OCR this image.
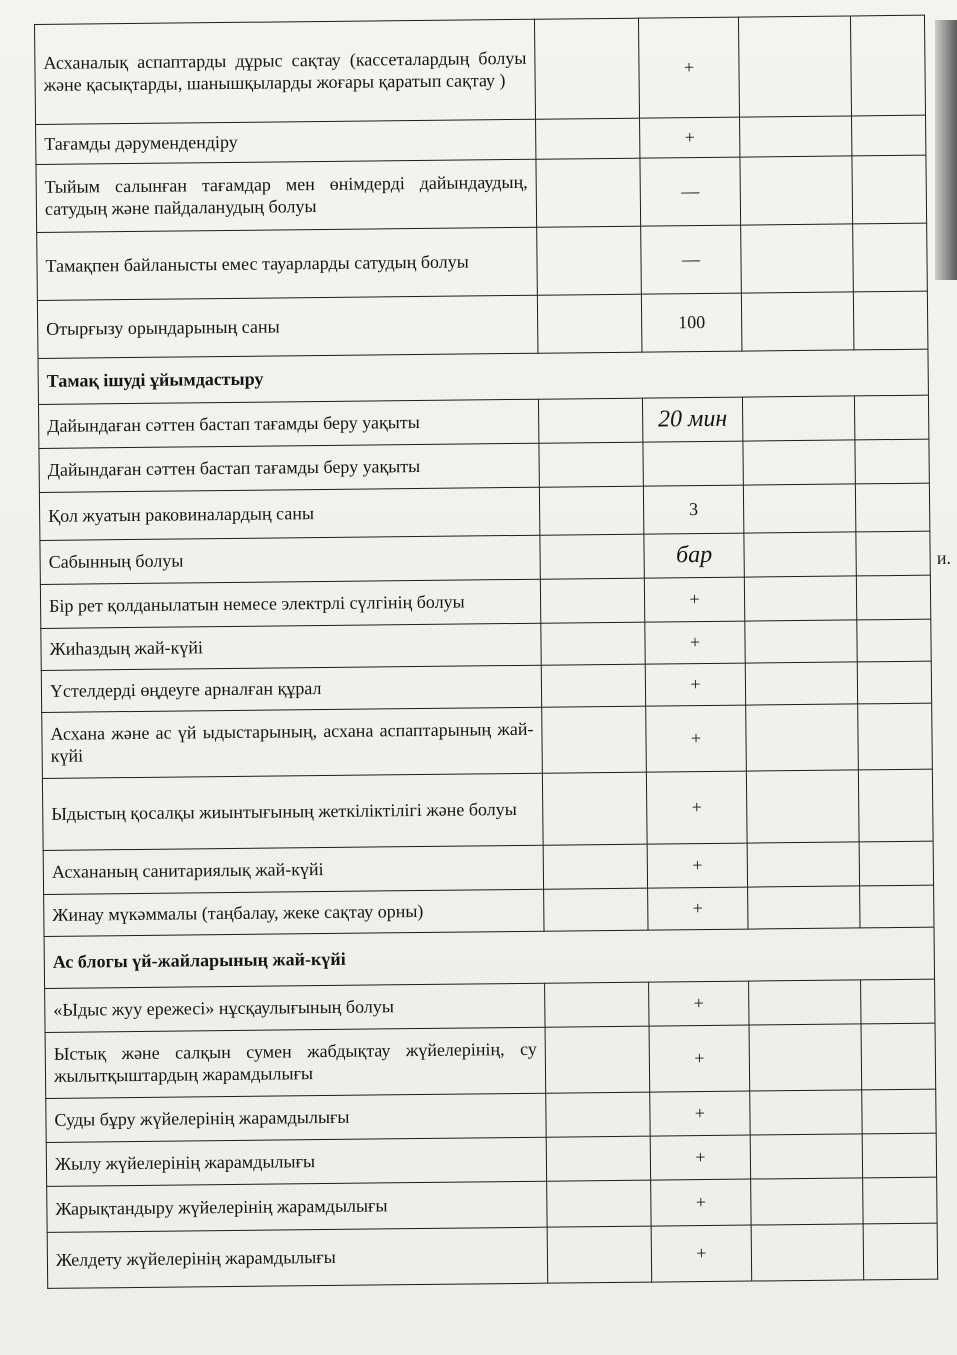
Асханалық аспаптарды дұрыс сақтау (кассеталардың болуы және қасықтарды, шанышқыларды жоғары қаратып сақтау )		+		
Тағамды дәрумендендіру		+		
Тыйым салынған тағамдар мен өнімдерді дайындаудың, сатудың және пайдаланудың болуы		—		
Тамақпен байланысты емес тауарларды сатудың болуы		—		
Отырғызу орындарының саны		100		
Тамақ ішуді ұйымдастыру				
Дайындаған сәттен бастап тағамды беру уақыты		20 мин		
Дайындаған сәттен бастап тағамды беру уақыты				
Қол жуатын раковиналардың саны		3		
Сабынның болуы		бар		
Бір рет қолданылатын немесе электрлі сүлгінің болуы		+		
Жиһаздың жай-күйі		+		
Үстелдерді өңдеуге арналған құрал		+		
Асхана және ас үй ыдыстарының, асхана аспаптарының жай-күйі		+		
Ыдыстың қосалқы жиынтығының жеткіліктілігі және болуы		+		
Асхананың санитариялық жай-күйі		+		
Жинау мүкәммалы (таңбалау, жеке сақтау орны)		+		
Ас блогы үй-жайларының жай-күйі				
«Ыдыс жуу ережесі» нұсқаулығының болуы		+		
Ыстық және салқын сумен жабдықтау жүйелерінің, су жылытқыштардың жарамдылығы		+		
Суды бұру жүйелерінің жарамдылығы		+		
Жылу жүйелерінің жарамдылығы		+		
Жарықтандыру жүйелерінің жарамдылығы		+		
Желдету жүйелерінің жарамдылығы		+		
и.
